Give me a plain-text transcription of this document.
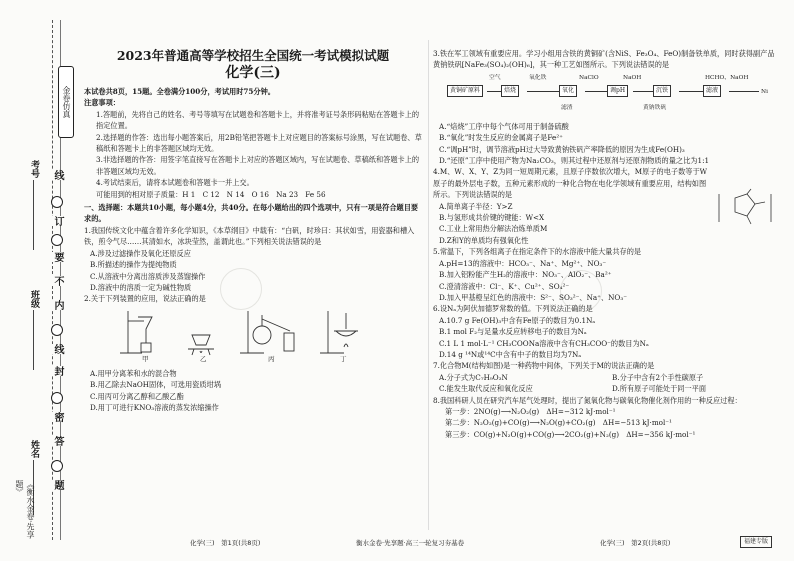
金卷仿真
考号
班级
姓名
《衡水金卷·先享题》
线
订
要
不
内
线
封
密
答
题
2023年普通高等学校招生全国统一考试模拟试题
化学(三)

本试卷共8页，15题。全卷满分100分，考试用时75分钟。

注意事项：

1.答题前，先将自己的姓名、考号等填写在试题卷和答题卡上，并将准考证号条形码粘贴在答题卡上的指定位置。

2.选择题的作答：选出每小题答案后，用2B铅笔把答题卡上对应题目的答案标号涂黑，写在试题卷、草稿纸和答题卡上的非答题区域均无效。

3.非选择题的作答：用签字笔直接写在答题卡上对应的答题区域内，写在试题卷、草稿纸和答题卡上的非答题区域均无效。

4.考试结束后，请将本试题卷和答题卡一并上交。

可能用到的相对原子质量：H 1　C 12　N 14　O 16　Na 23　Fe 56

一、选择题：本题共10小题，每小题4分，共40分。在每小题给出的四个选项中，只有一项是符合题目要求的。

1.我国传统文化中蕴含着许多化学知识，《本草纲目》中载有：“白矾，时珍曰：其状如雪，用瓷器和槽入铁，煎令气尽……其清如水，冰块莹然，盖谓此也。”下列相关说法错误的是

A.涉及过滤操作及氧化还原反应

B.所描述的操作为提纯物质

C.从溶液中分离出溶质涉及蒸馏操作

D.溶液中的溶质一定为碱性物质

2.关于下列装置的应用，说法正确的是

甲	乙	丙	丁

A.用甲分离苯和水的混合物

B.用乙除去NaOH固体，可选用瓷质坩埚

C.用丙可分离乙醇和乙酸乙酯

D.用丁可进行KNO₃溶液的蒸发浓缩操作

3.铁在军工领域有重要应用。学习小组用含铁的黄铜矿(含NiS、Fe₃O₄、FeO)制备铁单质，同时获得副产品黄钠铁矾[NaFe₃(SO₄)₂(OH)₆]，其一种工艺如图所示。下列说法错误的是

空气	氧化铁	NaClO	NaOH	HCHO、NaOH
黄铜矿原料	焙烧	氧化	调pH	沉铁	滤液	Ni
滤渣	黄钠铁矾

A.“焙烧”工序中每个气体可用于制备硫酸

B.“氧化”时发生反应的金属离子是Fe²⁺

C.“调pH”时，调节溶液pH过大导致黄钠铁矾产率降低的原因为生成Fe(OH)₃

D.“还原”工序中使用产物为Na₂CO₃，则其过程中还原剂与还原剂物质的量之比为1:1

4.M、W、X、Y、Z为同一短周期元素，且原子序数依次增大，M原子的电子数等于W原子的最外层电子数，五种元素形成的一种化合物在电化学领域有重要应用，结构如图所示。下列说法错误的是

A.简单离子半径：Y>Z

B.与氢形成共价键的键能：W<X

C.工业上常用热分解法冶炼单质M

D.Z和Y的单质均有强氧化性

5.常温下，下列各组离子在指定条件下的水溶液中能大量共存的是

A.pH=13的溶液中：HCO₃⁻、Na⁺、Mg²⁺、NO₃⁻

B.加入铝粉能产生H₂的溶液中：NO₃⁻、AlO₂⁻、Ba²⁺

C.澄清溶液中：Cl⁻、K⁺、Cu²⁺、SO₄²⁻

D.加入甲基橙呈红色的溶液中：S²⁻、SO₃²⁻、Na⁺、NO₃⁻

6.设Nₐ为阿伏加德罗常数的值。下列说法正确的是

A.10.7 g Fe(OH)₃中含有Fe原子的数目为0.1Nₐ

B.1 mol F₂与足量水反应转移电子的数目为Nₐ

C.1 L 1 mol·L⁻¹ CH₃COONa溶液中含有CH₃COO⁻的数目为Nₐ

D.14 g ¹⁴N或¹⁴C中含有中子的数目均为7Nₐ

7.化合物M(结构如图)是一种药物中间体，下列关于M的说法正确的是

A.分子式为C₇H₉O₃N	B.分子中含有2个手性碳原子

C.能发生取代反应和氧化反应	D.所有原子可能处于同一平面

8.我国科研人员在研究汽车尾气处理时，提出了氮氧化物与碳氧化物催化剂作用的一种反应过程：

第一步：2NO(g)⟶N₂O₂(g)　ΔH=−312 kJ·mol⁻¹

第二步：N₂O₂(g)+CO(g)⟶N₂O(g)+CO₂(g)　ΔH=−513 kJ·mol⁻¹

第三步：CO(g)+N₂O(g)+CO(g)⟶2CO₂(g)+N₂(g)　ΔH=−356 kJ·mol⁻¹

化学(三)　第1页(共8页)	衡水金卷·先享题·高三一轮复习夯基卷	化学(三)　第2页(共8页)	福建专版
